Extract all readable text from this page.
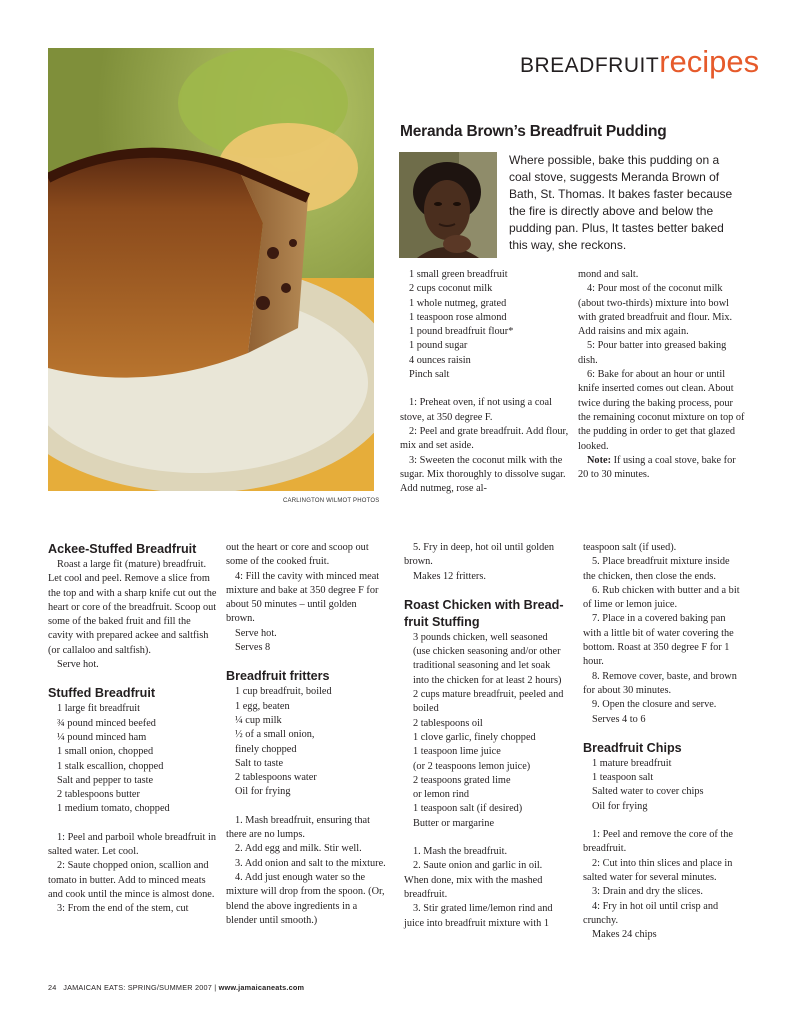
CARLINGTON WILMOT PHOTOS
BREADFRUITrecipes
Meranda Brown’s Breadfruit Pudding
Where possible, bake this pudding on a coal stove, suggests Meranda Brown of Bath, St. Thomas. It bakes faster because the fire is directly above and below the pudding pan. Plus, It tastes better baked this way, she reckons.
1 small green breadfruit
2 cups coconut milk
1 whole nutmeg, grated
1 teaspoon rose almond
1 pound breadfruit flour*
1 pound sugar
4 ounces raisin
Pinch salt
1: Preheat oven, if not using a coal stove, at 350 degree F.
2: Peel and grate breadfruit. Add flour, mix and set aside.
3: Sweeten the coconut milk with the sugar. Mix thoroughly to dissolve sugar. Add nutmeg, rose al-
mond and salt.
4: Pour most of the coconut milk (about two-thirds) mixture into bowl with grated breadfruit and flour. Mix. Add raisins and mix again.
5: Pour batter into greased baking dish.
6: Bake for about an hour or until knife inserted comes out clean. About twice during the baking process, pour the remaining coconut mixture on top of the pudding in order to get that glazed looked.
Note: If using a coal stove, bake for 20 to 30 minutes.
Ackee-Stuffed Breadfruit
Roast a large fit (mature) breadfruit. Let cool and peel. Remove a slice from the top and with a sharp knife cut out the heart or core of the breadfruit. Scoop out some of the baked fruit and fill the cavity with prepared ackee and saltfish (or callaloo and saltfish).
Serve hot.
Stuffed Breadfruit
1 large fit breadfruit
¾ pound minced beefed
¼ pound minced ham
1 small onion, chopped
1 stalk escallion, chopped
Salt and pepper to taste
2 tablespoons butter
1 medium tomato, chopped
1: Peel and parboil whole breadfruit in salted water. Let cool.
2: Saute chopped onion, scallion and tomato in butter. Add to minced meats and cook until the mince is almost done.
3: From the end of the stem, cut
out the heart or core and scoop out some of the cooked fruit.
4: Fill the cavity with minced meat mixture and bake at 350 degree F for about 50 minutes – until golden brown.
Serve hot.
Serves 8
Breadfruit fritters
1 cup breadfruit, boiled
1 egg, beaten
¼ cup milk
½ of a small onion,
finely chopped
Salt to taste
2 tablespoons water
Oil for frying
1. Mash breadfruit, ensuring that there are no lumps.
2. Add egg and milk. Stir well.
3. Add onion and salt to the mixture.
4. Add just enough water so the mixture will drop from the spoon. (Or, blend the above ingredients in a blender until smooth.)
5. Fry in deep, hot oil until golden brown.
Makes 12 fritters.
Roast Chicken with Breadfruit Stuffing
3 pounds chicken, well seasoned (use chicken seasoning and/or other traditional seasoning and let soak into the chicken for at least 2 hours)
2 cups mature breadfruit, peeled and boiled
2 tablespoons oil
1 clove garlic, finely chopped
1 teaspoon lime juice
(or 2 teaspoons lemon juice)
2 teaspoons grated lime
or lemon rind
1 teaspoon salt (if desired)
Butter or margarine
1. Mash the breadfruit.
2. Saute onion and garlic in oil. When done, mix with the mashed breadfruit.
3. Stir grated lime/lemon rind and juice into breadfruit mixture with 1
teaspoon salt (if used).
5. Place breadfruit mixture inside the chicken, then close the ends.
6. Rub chicken with butter and a bit of lime or lemon juice.
7. Place in a covered baking pan with a little bit of water covering the bottom. Roast at 350 degree F for 1 hour.
8. Remove cover, baste, and brown for about 30 minutes.
9. Open the closure and serve.
Serves 4 to 6
Breadfruit Chips
1 mature breadfruit
1 teaspoon salt
Salted water to cover chips
Oil for frying
1: Peel and remove the core of the breadfruit.
2: Cut into thin slices and place in salted water for several minutes.
3: Drain and dry the slices.
4: Fry in hot oil until crisp and crunchy.
Makes 24 chips
24 JAMAICAN EATS: SPRING/SUMMER 2007 | www.jamaicaneats.com
